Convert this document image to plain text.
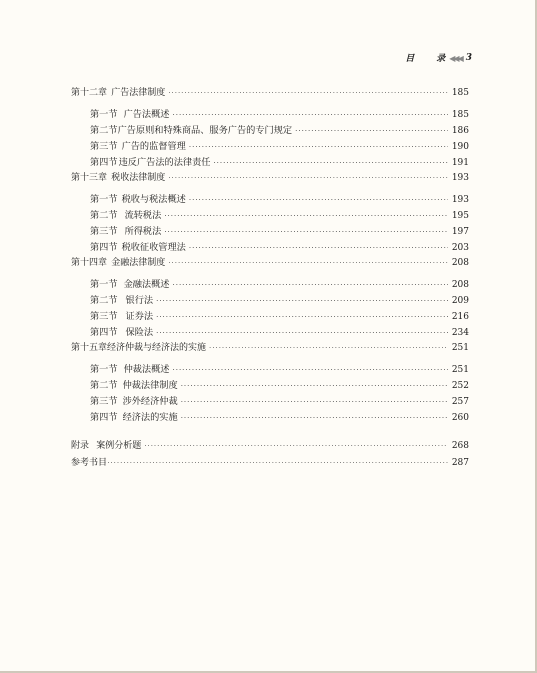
目 录 ◀◀◀ 3
第十二章 广告法律制度 ·····	185
第一节 广告法概述 ·····	185
第二节 广告原则和特殊商品、服务广告的专门规定 ·····	186
第三节 广告的监督管理 ·····	190
第四节 违反广告法的法律责任 ·····	191
第十三章 税收法律制度 ·····	193
第一节 税收与税法概述 ·····	193
第二节 流转税法 ·····	195
第三节 所得税法 ·····	197
第四节 税收征收管理法 ·····	203
第十四章 金融法律制度 ·····	208
第一节 金融法概述 ·····	208
第二节 银行法 ·····	209
第三节 证券法 ·····	216
第四节 保险法 ·····	234
第十五章 经济仲裁与经济法的实施 ·····	251
第一节 仲裁法概述 ·····	251
第二节 仲裁法律制度 ·····	252
第三节 涉外经济仲裁 ·····	257
第四节 经济法的实施 ·····	260
附录 案例分析题 ·····	268
参考书目 ·····	287
